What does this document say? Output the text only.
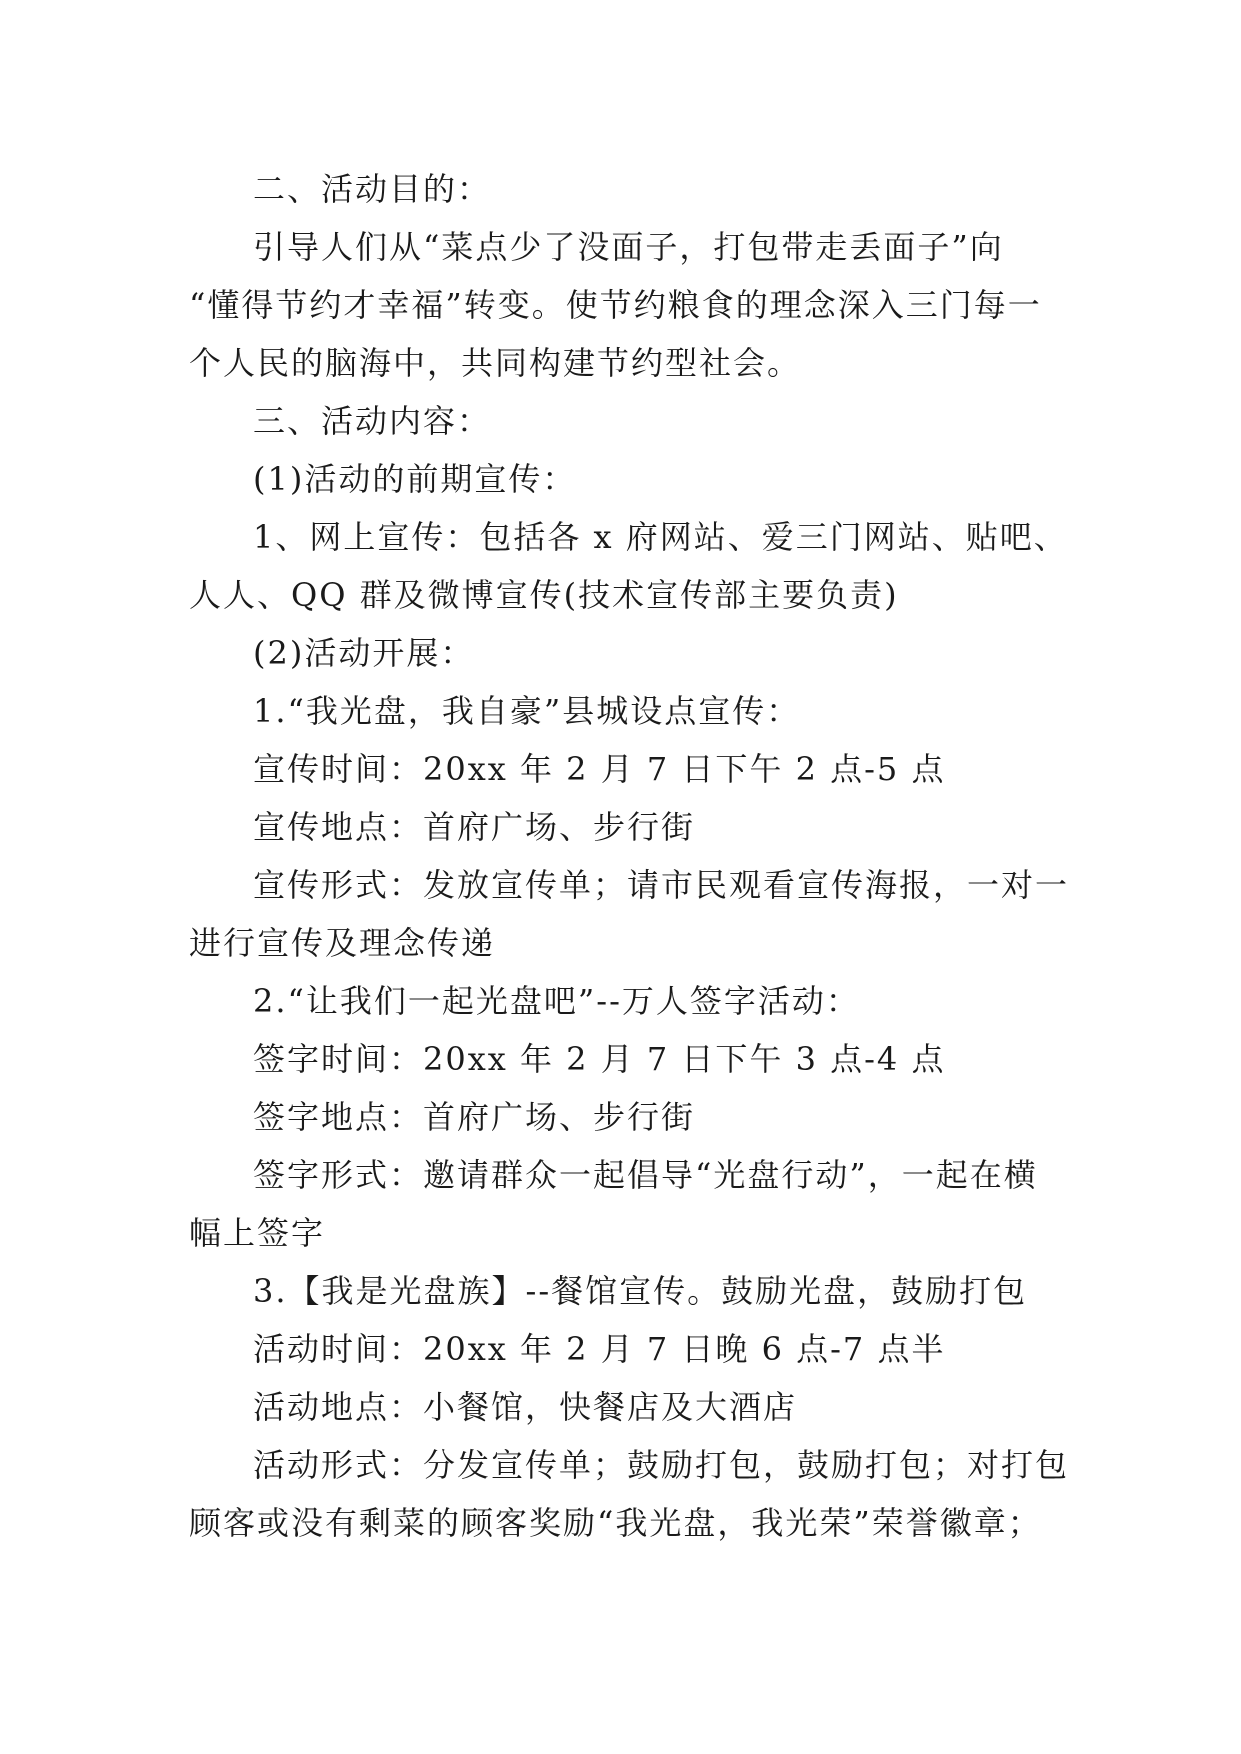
二、活动目的：
引导人们从“菜点少了没面子，打包带走丢面子”向
“懂得节约才幸福”转变。使节约粮食的理念深入三门每一
个人民的脑海中，共同构建节约型社会。
三、活动内容：
(1)活动的前期宣传：
1、网上宣传：包括各 x 府网站、爱三门网站、贴吧、
人人、QQ 群及微博宣传(技术宣传部主要负责)
(2)活动开展：
1.“我光盘，我自豪”县城设点宣传：
宣传时间：20xx 年 2 月 7 日下午 2 点-5 点
宣传地点：首府广场、步行街
宣传形式：发放宣传单；请市民观看宣传海报，一对一
进行宣传及理念传递
2.“让我们一起光盘吧”--万人签字活动：
签字时间：20xx 年 2 月 7 日下午 3 点-4 点
签字地点：首府广场、步行街
签字形式：邀请群众一起倡导“光盘行动”，一起在横
幅上签字
3.【我是光盘族】--餐馆宣传。鼓励光盘，鼓励打包
活动时间：20xx 年 2 月 7 日晚 6 点-7 点半
活动地点：小餐馆，快餐店及大酒店
活动形式：分发宣传单；鼓励打包，鼓励打包；对打包
顾客或没有剩菜的顾客奖励“我光盘，我光荣”荣誉徽章；
